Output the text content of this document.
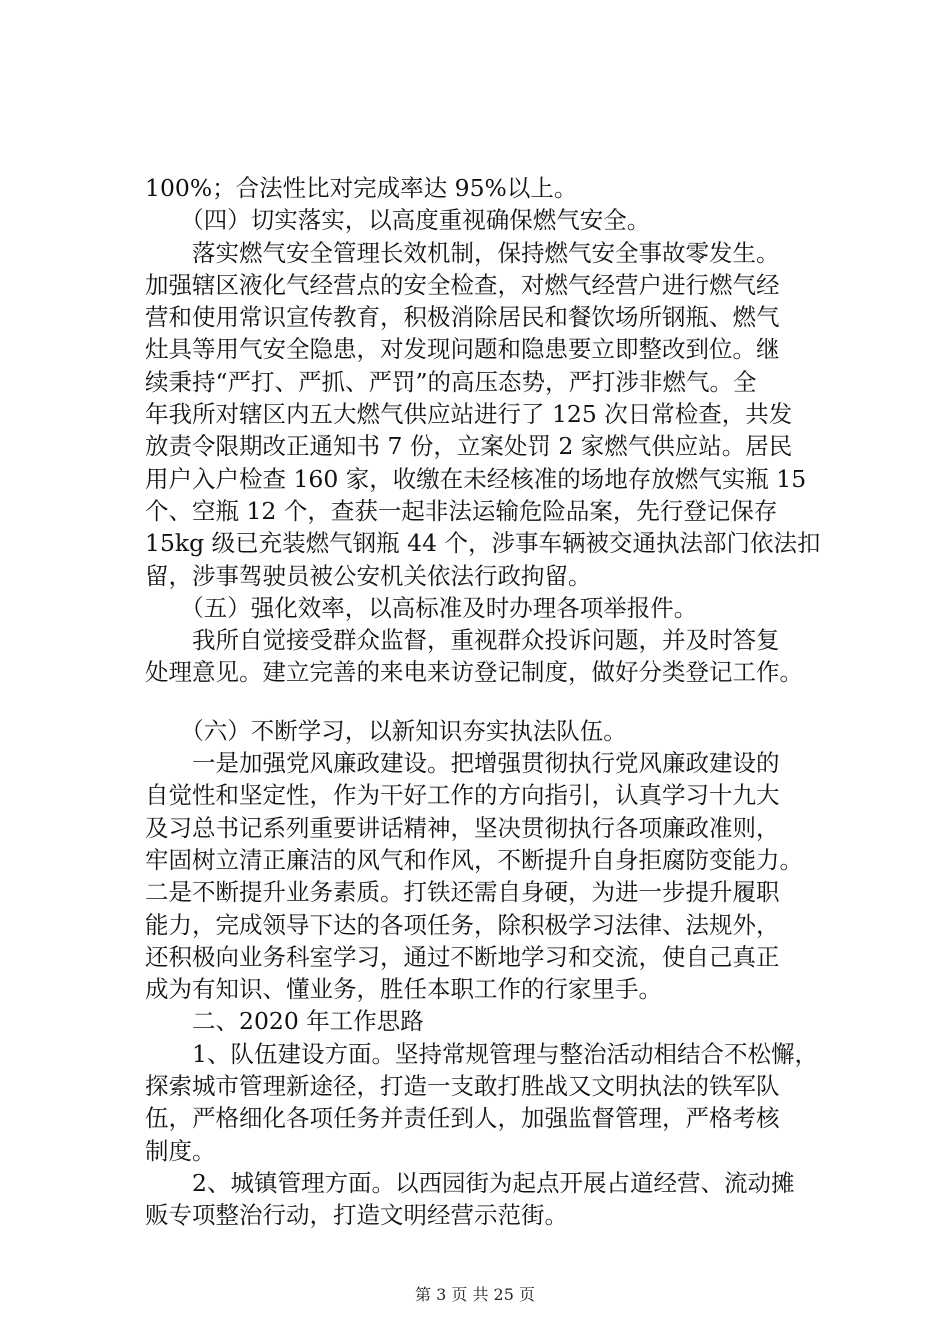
100%；合法性比对完成率达 95%以上。
　　（四）切实落实，以高度重视确保燃气安全。
　　落实燃气安全管理长效机制，保持燃气安全事故零发生。
加强辖区液化气经营点的安全检查，对燃气经营户进行燃气经
营和使用常识宣传教育，积极消除居民和餐饮场所钢瓶、燃气
灶具等用气安全隐患，对发现问题和隐患要立即整改到位。继
续秉持“严打、严抓、严罚”的高压态势，严打涉非燃气。全
年我所对辖区内五大燃气供应站进行了 125 次日常检查，共发
放责令限期改正通知书 7 份，立案处罚 2 家燃气供应站。居民
用户入户检查 160 家，收缴在未经核准的场地存放燃气实瓶 15
个、空瓶 12 个，查获一起非法运输危险品案，先行登记保存
15kg 级已充装燃气钢瓶 44 个，涉事车辆被交通执法部门依法扣
留，涉事驾驶员被公安机关依法行政拘留。
　　（五）强化效率，以高标准及时办理各项举报件。
　　我所自觉接受群众监督，重视群众投诉问题，并及时答复
处理意见。建立完善的来电来访登记制度，做好分类登记工作。
　　（六）不断学习，以新知识夯实执法队伍。
　　一是加强党风廉政建设。把增强贯彻执行党风廉政建设的
自觉性和坚定性，作为干好工作的方向指引，认真学习十九大
及习总书记系列重要讲话精神，坚决贯彻执行各项廉政准则，
牢固树立清正廉洁的风气和作风，不断提升自身拒腐防变能力。
二是不断提升业务素质。打铁还需自身硬，为进一步提升履职
能力，完成领导下达的各项任务，除积极学习法律、法规外，
还积极向业务科室学习，通过不断地学习和交流，使自己真正
成为有知识、懂业务，胜任本职工作的行家里手。
　　二、2020 年工作思路
　　1、队伍建设方面。坚持常规管理与整治活动相结合不松懈，
探索城市管理新途径，打造一支敢打胜战又文明执法的铁军队
伍，严格细化各项任务并责任到人，加强监督管理，严格考核
制度。
　　2、城镇管理方面。以西园街为起点开展占道经营、流动摊
贩专项整治行动，打造文明经营示范街。
第 3 页 共 25 页
